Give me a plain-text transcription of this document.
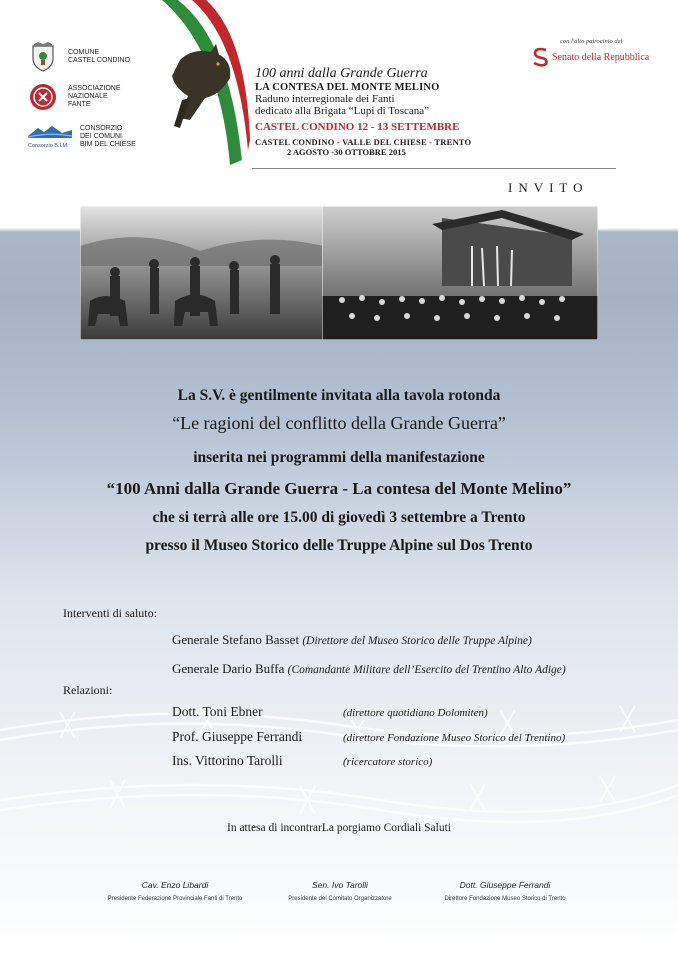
COMUNE
CASTEL CONDINO
ASSOCIAZIONE
NAZIONALE
FANTE
Consorzio B.I.M.
CONSORZIO
DEI COMUNI
BIM DEL CHIESE
con l'alto patrocinio del
Senato della Repubblica
100 anni dalla Grande Guerra
LA CONTESA DEL MONTE MELINO
Raduno interregionale dei Fanti
dedicato alla Brigata “Lupi di Toscana”
CASTEL CONDINO 12 - 13 SETTEMBRE
CASTEL CONDINO - VALLE DEL CHIESE - TRENTO
2 AGOSTO -30 OTTOBRE 2015
INVITO
La S.V. è gentilmente invitata alla tavola rotonda
“Le ragioni del conflitto della Grande Guerra”
inserita nei programmi della manifestazione
“100 Anni dalla Grande Guerra - La contesa del Monte Melino”
che si terrà alle ore 15.00 di giovedì 3 settembre a Trento
presso il Museo Storico delle Truppe Alpine sul Dos Trento
Interventi di saluto:
Generale Stefano Basset (Direttore del Museo Storico delle Truppe Alpine)
Generale Dario Buffa (Comandante Militare dell’Esercito del Trentino Alto Adige)
Relazioni:
Dott. Toni Ebner	(direttore quotidiano Dolomiten)
Prof. Giuseppe Ferrandi	(direttore Fondazione Museo Storico del Trentino)
Ins. Vittorino Tarolli	(ricercatore storico)
In attesa di incontrarLa porgiamo Cordiali Saluti
Cav. Enzo Libardi
Presidente Federazione Provinciale Fanti di Trento
Sen. Ivo Tarolli
Presidente del Comitato Organizzatore
Dott. Giuseppe Ferrandi
Direttore Fondazione Museo Storico di Trento
